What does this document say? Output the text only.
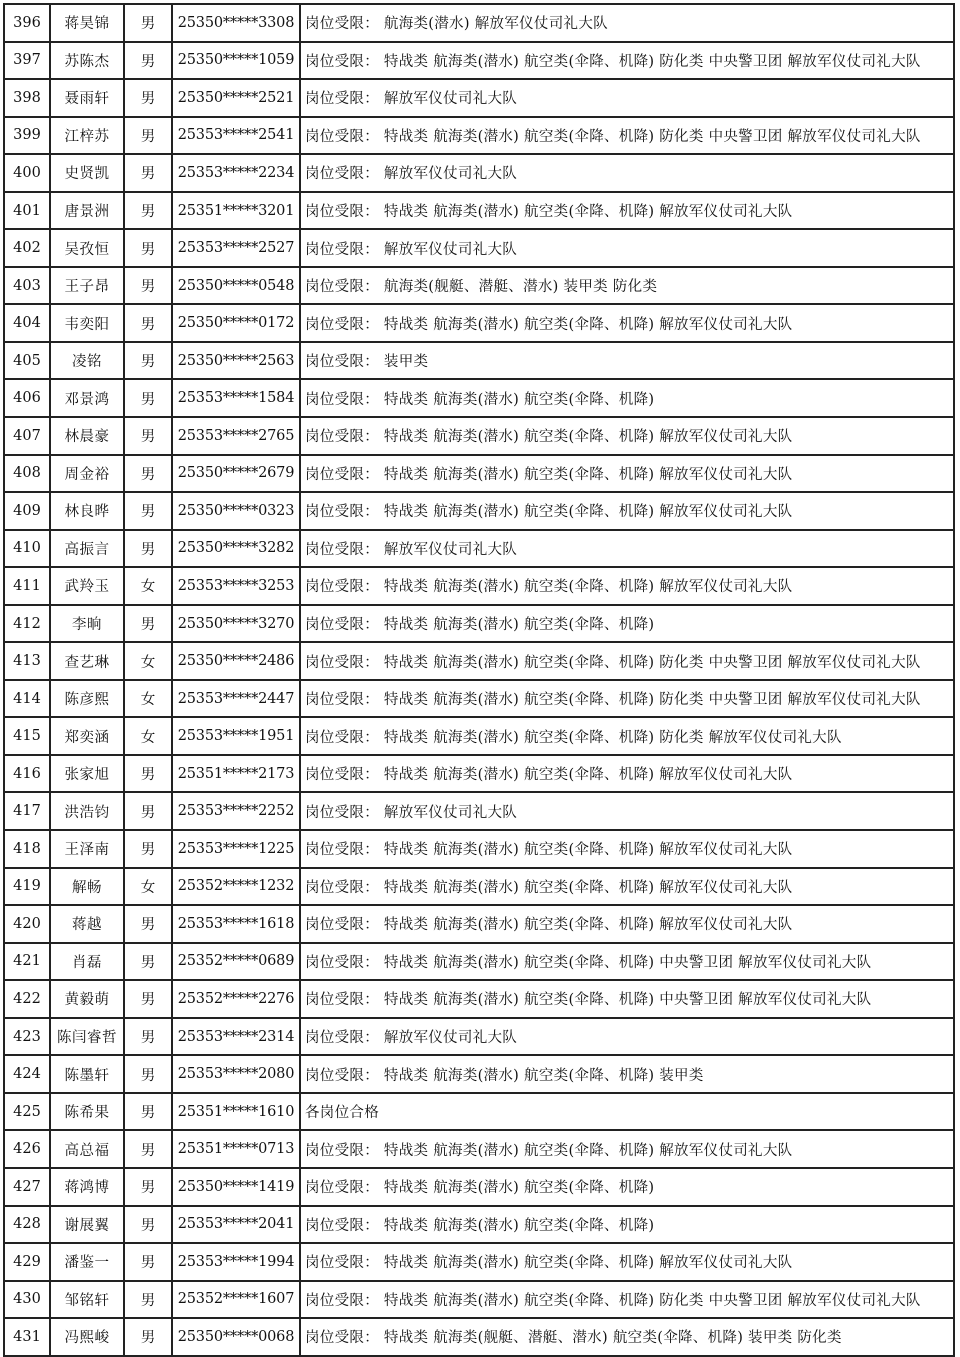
396	蒋昊锦	男	25350*****3308 岗位受限： 航海类(潜水) 解放军仪仗司礼大队
397	苏陈杰	男	25350*****1059 岗位受限： 特战类 航海类(潜水) 航空类(伞降、机降) 防化类 中央警卫团 解放军仪仗司礼大队
398	聂雨轩	男	25350*****2521 岗位受限： 解放军仪仗司礼大队
399	江梓苏	男	25353*****2541 岗位受限： 特战类 航海类(潜水) 航空类(伞降、机降) 防化类 中央警卫团 解放军仪仗司礼大队
400	史贤凯	男	25353*****2234 岗位受限： 解放军仪仗司礼大队
401	唐景洲	男	25351*****3201 岗位受限： 特战类 航海类(潜水) 航空类(伞降、机降) 解放军仪仗司礼大队
402	吴孜恒	男	25353*****2527 岗位受限： 解放军仪仗司礼大队
403	王子昂	男	25350*****0548 岗位受限： 航海类(舰艇、潜艇、潜水) 装甲类 防化类
404	韦奕阳	男	25350*****0172 岗位受限： 特战类 航海类(潜水) 航空类(伞降、机降) 解放军仪仗司礼大队
405	凌铭	男	25350*****2563 岗位受限： 装甲类
406	邓景鸿	男	25353*****1584 岗位受限： 特战类 航海类(潜水) 航空类(伞降、机降)
407	林晨豪	男	25353*****2765 岗位受限： 特战类 航海类(潜水) 航空类(伞降、机降) 解放军仪仗司礼大队
408	周金裕	男	25350*****2679 岗位受限： 特战类 航海类(潜水) 航空类(伞降、机降) 解放军仪仗司礼大队
409	林良晔	男	25350*****0323 岗位受限： 特战类 航海类(潜水) 航空类(伞降、机降) 解放军仪仗司礼大队
410	高振言	男	25350*****3282 岗位受限： 解放军仪仗司礼大队
411	武羚玉	女	25353*****3253 岗位受限： 特战类 航海类(潜水) 航空类(伞降、机降) 解放军仪仗司礼大队
412	李晌	男	25350*****3270 岗位受限： 特战类 航海类(潜水) 航空类(伞降、机降)
413	查艺琳	女	25350*****2486 岗位受限： 特战类 航海类(潜水) 航空类(伞降、机降) 防化类 中央警卫团 解放军仪仗司礼大队
414	陈彦熙	女	25353*****2447 岗位受限： 特战类 航海类(潜水) 航空类(伞降、机降) 防化类 中央警卫团 解放军仪仗司礼大队
415	郑奕涵	女	25353*****1951 岗位受限： 特战类 航海类(潜水) 航空类(伞降、机降) 防化类 解放军仪仗司礼大队
416	张家旭	男	25351*****2173 岗位受限： 特战类 航海类(潜水) 航空类(伞降、机降) 解放军仪仗司礼大队
417	洪浩钧	男	25353*****2252 岗位受限： 解放军仪仗司礼大队
418	王泽南	男	25353*****1225 岗位受限： 特战类 航海类(潜水) 航空类(伞降、机降) 解放军仪仗司礼大队
419	解畅	女	25352*****1232 岗位受限： 特战类 航海类(潜水) 航空类(伞降、机降) 解放军仪仗司礼大队
420	蒋越	男	25353*****1618 岗位受限： 特战类 航海类(潜水) 航空类(伞降、机降) 解放军仪仗司礼大队
421	肖磊	男	25352*****0689 岗位受限： 特战类 航海类(潜水) 航空类(伞降、机降) 中央警卫团 解放军仪仗司礼大队
422	黄毅萌	男	25352*****2276 岗位受限： 特战类 航海类(潜水) 航空类(伞降、机降) 中央警卫团 解放军仪仗司礼大队
423	陈闫睿哲	男	25353*****2314 岗位受限： 解放军仪仗司礼大队
424	陈墨轩	男	25353*****2080 岗位受限： 特战类 航海类(潜水) 航空类(伞降、机降) 装甲类
425	陈希果	男	25351*****1610 各岗位合格
426	高总福	男	25351*****0713 岗位受限： 特战类 航海类(潜水) 航空类(伞降、机降) 解放军仪仗司礼大队
427	蒋鸿博	男	25350*****1419 岗位受限： 特战类 航海类(潜水) 航空类(伞降、机降)
428	谢展翼	男	25353*****2041 岗位受限： 特战类 航海类(潜水) 航空类(伞降、机降)
429	潘鉴一	男	25353*****1994 岗位受限： 特战类 航海类(潜水) 航空类(伞降、机降) 解放军仪仗司礼大队
430	邹铭轩	男	25352*****1607 岗位受限： 特战类 航海类(潜水) 航空类(伞降、机降) 防化类 中央警卫团 解放军仪仗司礼大队
431	冯熙峻	男	25350*****0068 岗位受限： 特战类 航海类(舰艇、潜艇、潜水) 航空类(伞降、机降) 装甲类 防化类
